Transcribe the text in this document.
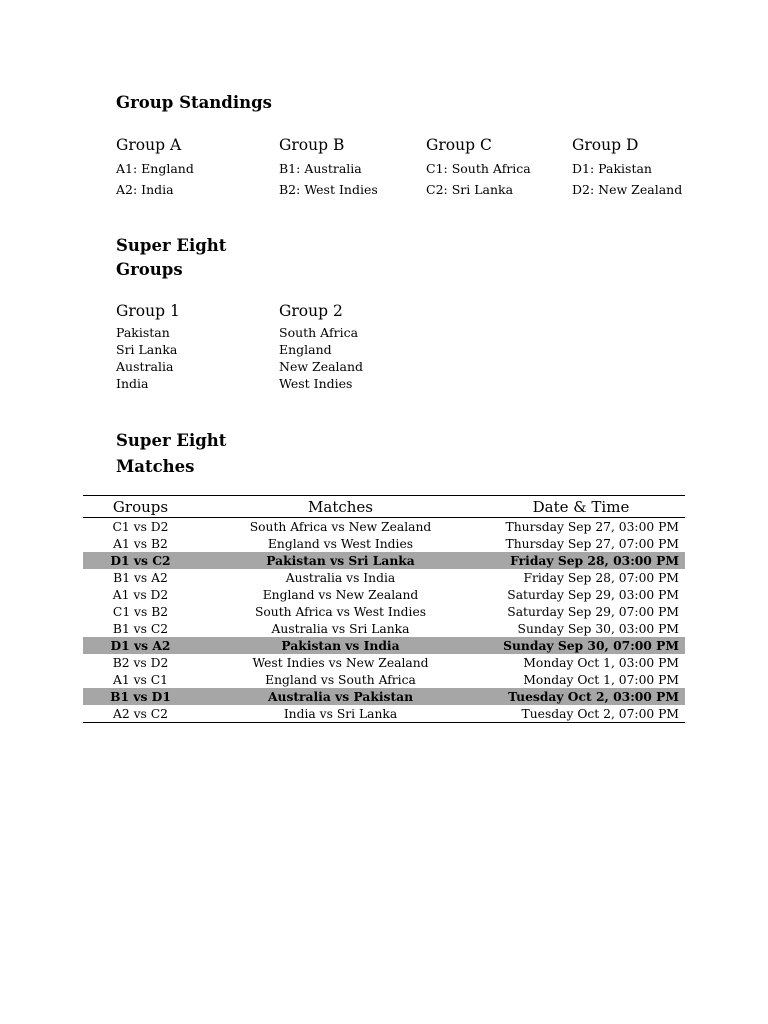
Group Standings
Group A
A1: England
A2: India
Group B
B1: Australia
B2: West Indies
Group C
C1: South Africa
C2: Sri Lanka
Group D
D1: Pakistan
D2: New Zealand
Super Eight
Groups
Group 1
Pakistan
Sri Lanka
Australia
India
Group 2
South Africa
England
New Zealand
West Indies
Super Eight
Matches
Groups	Matches	Date & Time
C1 vs D2	South Africa vs New Zealand	Thursday Sep 27, 03:00 PM
A1 vs B2	England vs West Indies	Thursday Sep 27, 07:00 PM
D1 vs C2	Pakistan vs Sri Lanka	Friday Sep 28, 03:00 PM
B1 vs A2	Australia vs India	Friday Sep 28, 07:00 PM
A1 vs D2	England vs New Zealand	Saturday Sep 29, 03:00 PM
C1 vs B2	South Africa vs West Indies	Saturday Sep 29, 07:00 PM
B1 vs C2	Australia vs Sri Lanka	Sunday Sep 30, 03:00 PM
D1 vs A2	Pakistan vs India	Sunday Sep 30, 07:00 PM
B2 vs D2	West Indies vs New Zealand	Monday Oct 1, 03:00 PM
A1 vs C1	England vs South Africa	Monday Oct 1, 07:00 PM
B1 vs D1	Australia vs Pakistan	Tuesday Oct 2, 03:00 PM
A2 vs C2	India vs Sri Lanka	Tuesday Oct 2, 07:00 PM
